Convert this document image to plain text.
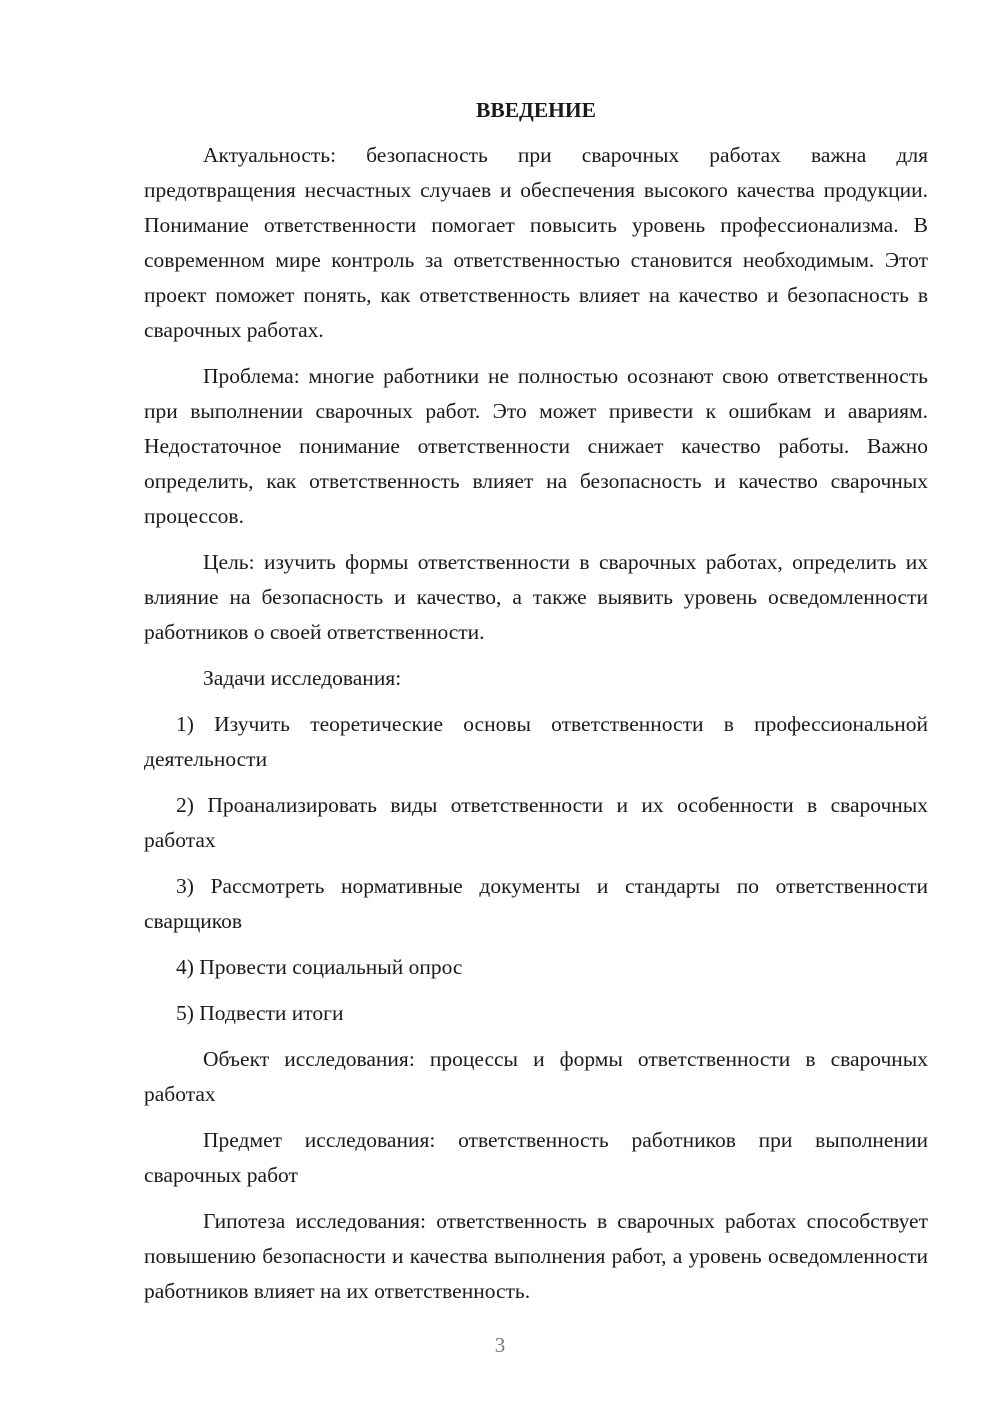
ВВЕДЕНИЕ

Актуальность: безопасность при сварочных работах важна для предотвращения несчастных случаев и обеспечения высокого качества продукции. Понимание ответственности помогает повысить уровень профессионализма. В современном мире контроль за ответственностью становится необходимым. Этот проект поможет понять, как ответственность влияет на качество и безопасность в сварочных работах.

Проблема: многие работники не полностью осознают свою ответственность при выполнении сварочных работ. Это может привести к ошибкам и авариям. Недостаточное понимание ответственности снижает качество работы. Важно определить, как ответственность влияет на безопасность и качество сварочных процессов.

Цель: изучить формы ответственности в сварочных работах, определить их влияние на безопасность и качество, а также выявить уровень осведомленности работников о своей ответственности.

Задачи исследования:

1) Изучить теоретические основы ответственности в профессиональной деятельности

2) Проанализировать виды ответственности и их особенности в сварочных работах

3) Рассмотреть нормативные документы и стандарты по ответственности сварщиков

4) Провести социальный опрос

5) Подвести итоги

Объект исследования: процессы и формы ответственности в сварочных работах

Предмет исследования: ответственность работников при выполнении сварочных работ

Гипотеза исследования: ответственность в сварочных работах способствует повышению безопасности и качества выполнения работ, а уровень осведомленности работников влияет на их ответственность.

3
